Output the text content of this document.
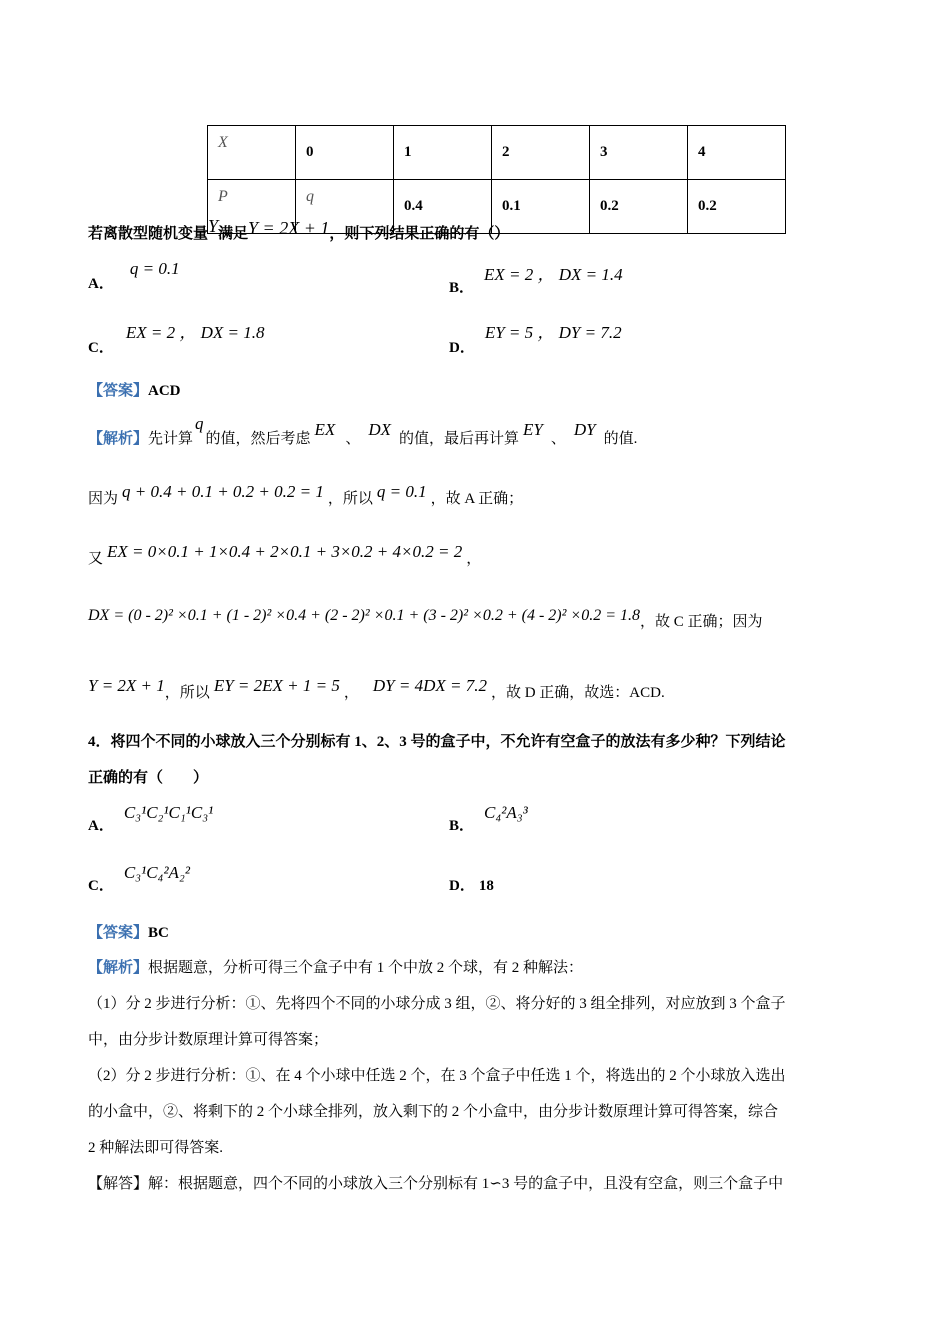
X	0	1	2	3	4
P	q	0.4	0.1	0.2	0.2
若离散型随机变量Y满足Y = 2X + 1，则下列结果正确的有（）
A． q = 0.1
B． EX = 2 ， DX = 1.4
C． EX = 2 ， DX = 1.8
D． EY = 5 ， DY = 7.2
【答案】ACD
【解析】先计算q的值，然后考虑 EX 、 DX 的值，最后再计算 EY 、 DY 的值.
因为 q + 0.4 + 0.1 + 0.2 + 0.2 = 1 ，所以 q = 0.1 ，故 A 正确；
又 EX = 0×0.1 + 1×0.4 + 2×0.1 + 3×0.2 + 4×0.2 = 2 ，
DX = (0 - 2)² ×0.1 + (1 - 2)² ×0.4 + (2 - 2)² ×0.1 + (3 - 2)² ×0.2 + (4 - 2)² ×0.2 = 1.8，故 C 正确；因为
Y = 2X + 1，所以 EY = 2EX + 1 = 5 ， DY = 4DX = 7.2 ，故 D 正确，故选：ACD.
4．将四个不同的小球放入三个分别标有 1、2、3 号的盒子中，不允许有空盒子的放法有多少种？下列结论
正确的有（　　）
A． C₃¹C₂¹C₁¹C₃¹
B． C₄²A₃³
C． C₃¹C₄²A₂²
D． 18
【答案】BC
【解析】根据题意，分析可得三个盒子中有 1 个中放 2 个球，有 2 种解法：
（1）分 2 步进行分析：①、先将四个不同的小球分成 3 组，②、将分好的 3 组全排列，对应放到 3 个盒子
中，由分步计数原理计算可得答案；
（2）分 2 步进行分析：①、在 4 个小球中任选 2 个，在 3 个盒子中任选 1 个，将选出的 2 个小球放入选出
的小盒中，②、将剩下的 2 个小球全排列，放入剩下的 2 个小盒中，由分步计数原理计算可得答案，综合
2 种解法即可得答案.
【解答】解：根据题意，四个不同的小球放入三个分别标有 1∽3 号的盒子中，且没有空盒，则三个盒子中
